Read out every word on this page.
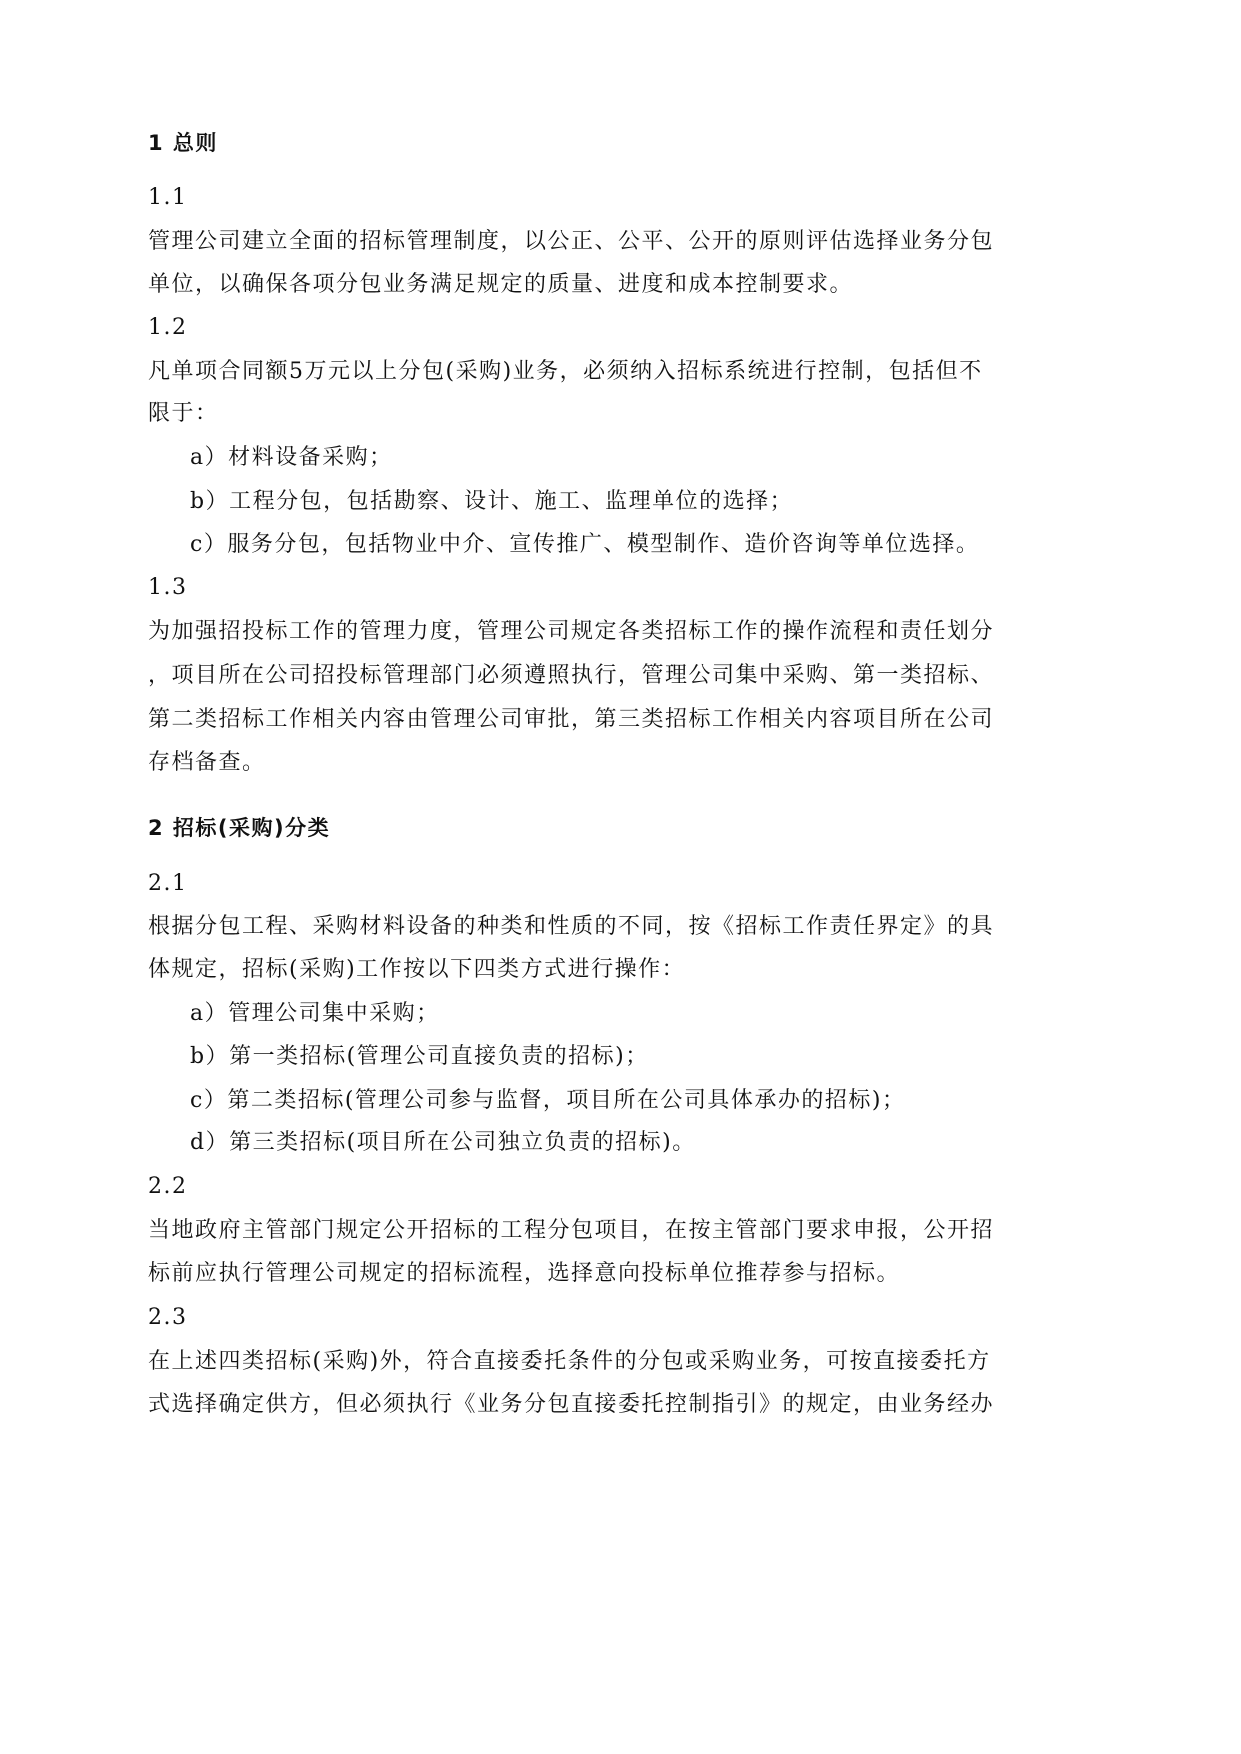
1 总则
1.1
管理公司建立全面的招标管理制度，以公正、公平、公开的原则评估选择业务分包
单位，以确保各项分包业务满足规定的质量、进度和成本控制要求。
1.2
凡单项合同额5万元以上分包(采购)业务，必须纳入招标系统进行控制，包括但不
限于：
a）材料设备采购；
b）工程分包，包括勘察、设计、施工、监理单位的选择；
c）服务分包，包括物业中介、宣传推广、模型制作、造价咨询等单位选择。
1.3
为加强招投标工作的管理力度，管理公司规定各类招标工作的操作流程和责任划分
，项目所在公司招投标管理部门必须遵照执行，管理公司集中采购、第一类招标、
第二类招标工作相关内容由管理公司审批，第三类招标工作相关内容项目所在公司
存档备查。
2 招标(采购)分类
2.1
根据分包工程、采购材料设备的种类和性质的不同，按《招标工作责任界定》的具
体规定，招标(采购)工作按以下四类方式进行操作：
a）管理公司集中采购；
b）第一类招标(管理公司直接负责的招标)；
c）第二类招标(管理公司参与监督，项目所在公司具体承办的招标)；
d）第三类招标(项目所在公司独立负责的招标)。
2.2
当地政府主管部门规定公开招标的工程分包项目，在按主管部门要求申报，公开招
标前应执行管理公司规定的招标流程，选择意向投标单位推荐参与招标。
2.3
在上述四类招标(采购)外，符合直接委托条件的分包或采购业务，可按直接委托方
式选择确定供方，但必须执行《业务分包直接委托控制指引》的规定，由业务经办
